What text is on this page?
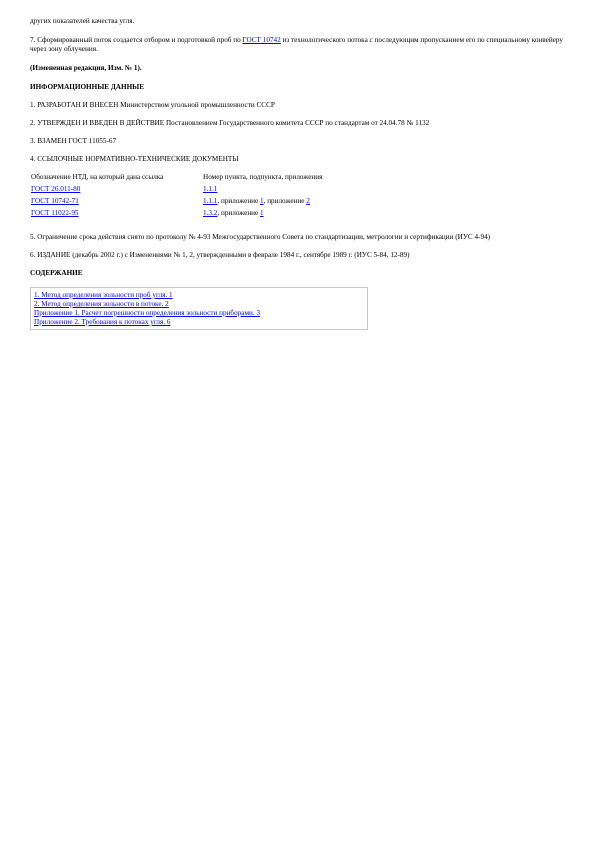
других показателей качества угля.

7. Сформированный поток создается отбором и подготовкой проб по ГОСТ 10742 из технологического потока с последующим пропусканием его по специальному конвейеру через зону облучения.

(Измененная редакция, Изм. № 1).

ИНФОРМАЦИОННЫЕ ДАННЫЕ

1. РАЗРАБОТАН И ВНЕСЕН Министерством угольной промышленности СССР

2. УТВЕРЖДЕН И ВВЕДЕН В ДЕЙСТВИЕ Постановлением Государственного комитета СССР по стандартам от 24.04.78 № 1132

3. ВЗАМЕН ГОСТ 11055-67

4. ССЫЛОЧНЫЕ НОРМАТИВНО-ТЕХНИЧЕСКИЕ ДОКУМЕНТЫ

Обозначение НТД, на который дана ссылка	Номер пункта, подпункта, приложения
ГОСТ 26.011-80	1.1.1
ГОСТ 10742-71	1.1.1, приложение 1, приложение 2
ГОСТ 11022-95	1.3.2, приложение 1

5. Ограничение срока действия снято по протоколу № 4-93 Межгосударственного Совета по стандартизации, метрологии и сертификации (ИУС 4-94)

6. ИЗДАНИЕ (декабрь 2002 г.) с Изменениями № 1, 2, утвержденными в феврале 1984 г., сентябре 1989 г. (ИУС 5-84, 12-89)

СОДЕРЖАНИЕ

1. Метод определения зольности проб угля. 1
2. Метод определения зольности в потоке. 2
Приложение 1. Расчет погрешности определения зольности приборами. 3
Приложение 2. Требования к потоках угля. 6
